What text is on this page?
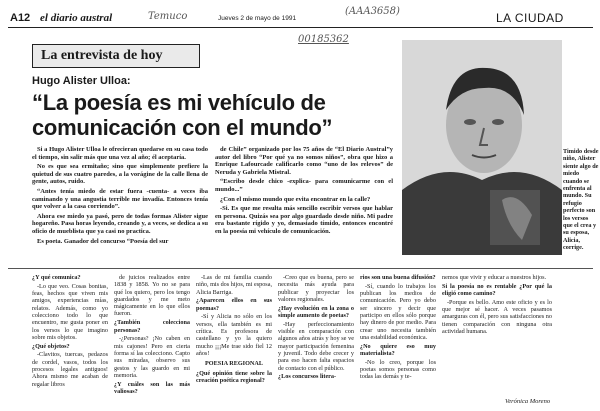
A12 el diario austral	Temuco	Jueves 2 de mayo de 1991
(AAA3658)	LA CIUDAD
00185362
La entrevista de hoy
Hugo Alister Ulloa:
“La poesía es mi vehículo de
comunicación con el mundo”

Si a Hugo Alister Ulloa le ofrecieran quedarse en su casa todo el tiempo, sin salir más que una vez al año; él aceptaría.

No es que sea ermitaño; sino que simplemente prefiere la quietud de sus cuatro paredes, a la vorágine de la calle llena de gente, autos, ruido.

“Antes tenía miedo de estar fuera -cuenta- a veces iba caminando y una angustia terrible me invadía. Entonces tenía que volver a la casa corriendo”.

Ahora ese miedo ya pasó, pero de todas formas Alister sigue hogareño. Pasa horas leyendo, creando y, a veces, se dedica a su oficio de mueblista que ya casi no practica.

Es poeta. Ganador del concurso “Poesía del sur

de Chile” organizado por los 75 años de “El Diario Austral”y autor del libro “Por qué ya no somos niños”, obra que hizo a Enrique Lafourcade calificarlo como “uno de los relevos” de Neruda y Gabriela Mistral.

“Escribo desde chico -explica- para comunicarme con el mundo...”

¿Con el mismo mundo que evita encontrar en la calle?

-Si. Es que me resulta más sencillo escribir versos que hablar en persona. Quizás sea por algo guardado desde niño. Mi padre era bastante rígido y yo, demasiado tímido, entonces encontré en la poesía mi vehículo de comunicación.

Timido desde niño, Alister siente algo de miedo cuando se enfrenta al mundo. Su refugio perfecto son los versos que el crea y su esposa, Alicia, corrige.

¿Y qué comunica?

-Lo que veo. Cosas bonitas, feas, hechos que viven mis amigos, experiencias mías, relatos. Además, como yo colecciono todo lo que encuentro, me gusta poner en los versos lo que imagino sobre mis objetos.

¿Qué objetos?

-Clavitos, tuercas, pedazos de cordel, vasos, todos los procesos legales antiguos! Ahora mismo me acaban de regalar libros

de juicios realizados entre 1838 y 1858. Yo no se para qué los quiero, pero los tengo guardados y me meto mágicamente en lo que ellos fueron.

¿También colecciona personas?

-¿Personas? ¡No caben en mis cajones! Pero en cierta forma sí las colecciono. Capto sus miradas, observo sus gestos y las guardo en mi memoria.

¿Y cuáles son las más valiosas?

-Las de mi familia cuando niño, mis dos hijos, mi esposa, Alicia Barriga.

¿Aparecen ellos en sus poemas?

-Sí y Alicia no sólo en los versos, ella también es mi crítica. Es profesora de castellano y yo la quiero mucho ¡¡¡Me trae sido fiel 12 años!

POESIA REGIONAL

¿Qué opinión tiene sobre la creación poética regional?

-Creo que es buena, pero se necesita más ayuda para publicar y proyectar los valores regionales.

¿Hay evolución en la zona o simple aumento de poetas?

-Hay perfeccionamiento visible en comparación con algunos años atrás y hoy se ve mayor participación femenina y juvenil. Todo debe crecer y para eso hacen falta espacios de contacto con el público.

¿Los concursos litera-

rios son una buena difusión?

-Sí, cuando lo trabajos los publican los medios de comunicación. Pero yo debo ser sincero y decir que participo en ellos sólo porque hay dinero de por medio. Para crear uno necesita también una estabilidad económica.

¿No quiere eso muy materialista?

-No lo creo, porque los poetas somos personas como todas las demás y te-

nemos que vivir y educar a nuestros hijos.

Si la poesía no es rentable ¿Por qué la eligió como camino?

-Porque es bello. Amo este oficio y es lo que mejor sé hacer. A veces pasamos amarguras con él, pero sus satisfacciones no tienen comparación con ninguna otra actividad humana.

Verónica Moreno
